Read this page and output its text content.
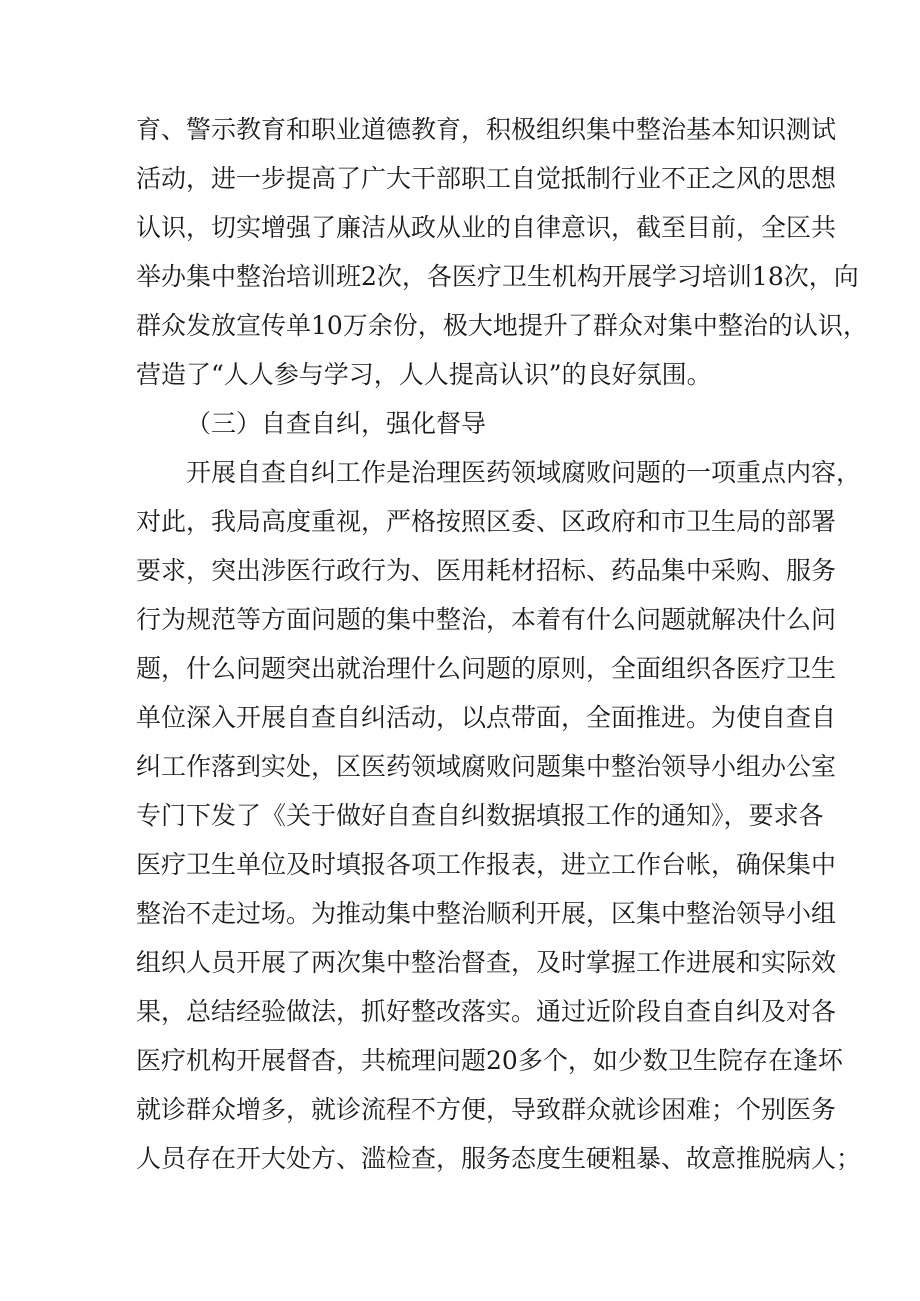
育、警示教育和职业道德教育，积极组织集中整治基本知识测试
活动，进一步提高了广大干部职工自觉抵制行业不正之风的思想
认识，切实增强了廉洁从政从业的自律意识，截至目前，全区共
举办集中整治培训班2次，各医疗卫生机构开展学习培训18次，向
群众发放宣传单10万余份，极大地提升了群众对集中整治的认识，
营造了“人人参与学习，人人提高认识”的良好氛围。
（三）自查自纠，强化督导
开展自查自纠工作是治理医药领域腐败问题的一项重点内容，
对此，我局高度重视，严格按照区委、区政府和市卫生局的部署
要求，突出涉医行政行为、医用耗材招标、药品集中采购、服务
行为规范等方面问题的集中整治，本着有什么问题就解决什么问
题，什么问题突出就治理什么问题的原则，全面组织各医疗卫生
单位深入开展自查自纠活动，以点带面，全面推进。为使自查自
纠工作落到实处，区医药领域腐败问题集中整治领导小组办公室
专门下发了《关于做好自查自纠数据填报工作的通知》，要求各
医疗卫生单位及时填报各项工作报表，进立工作台帐，确保集中
整治不走过场。为推动集中整治顺利开展，区集中整治领导小组
组织人员开展了两次集中整治督查，及时掌握工作进展和实际效
果，总结经验做法，抓好整改落实。通过近阶段自查自纠及对各
医疗机构开展督杳，共梳理问题20多个，如少数卫生院存在逢坏
就诊群众增多，就诊流程不方便，导致群众就诊困难；个别医务
人员存在开大处方、滥检查，服务态度生硬粗暴、故意推脱病人；
